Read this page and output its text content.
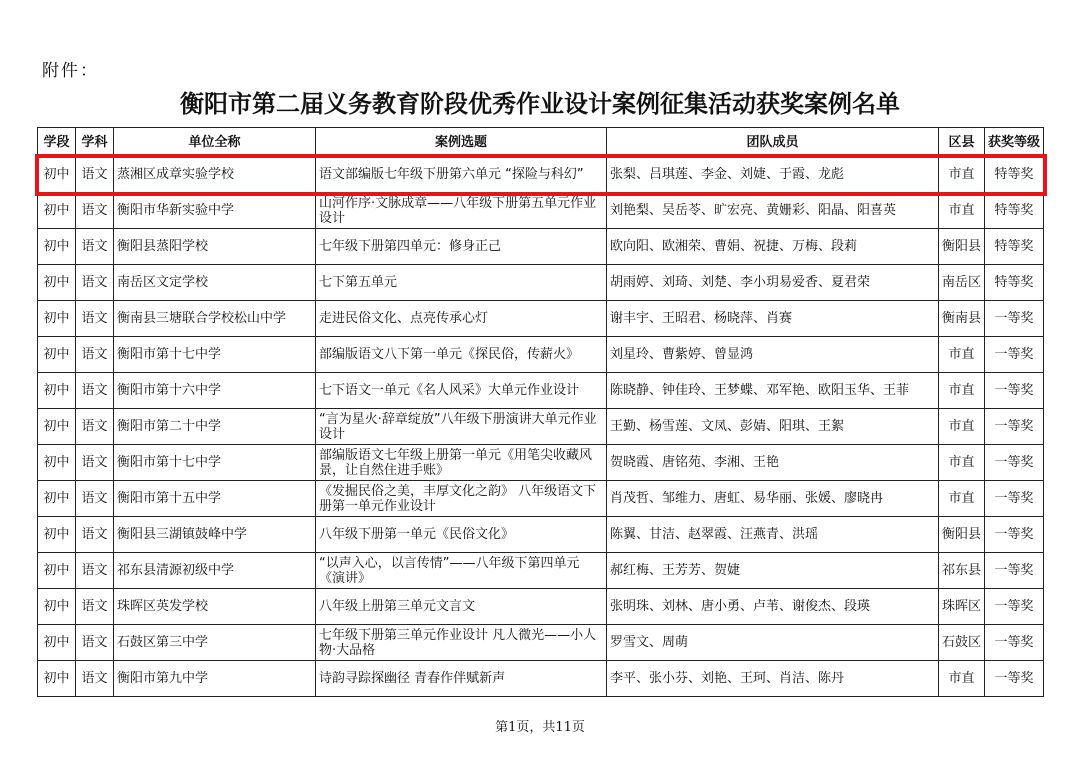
附件：
衡阳市第二届义务教育阶段优秀作业设计案例征集活动获奖案例名单
学段	学科	单位全称	案例选题	团队成员	区县	获奖等级
初中	语文	蒸湘区成章实验学校	语文部编版七年级下册第六单元 “探险与科幻”	张梨、吕琪莲、李金、刘婕、于霞、龙彪	市直	特等奖
初中	语文	衡阳市华新实验中学	山河作序·文脉成章——八年级下册第五单元作业设计	刘艳梨、吴岳苓、旷宏亮、黄姗彩、阳晶、阳喜英	市直	特等奖
初中	语文	衡阳县蒸阳学校	七年级下册第四单元：修身正己	欧向阳、欧湘荣、曹娟、祝捷、万梅、段莉	衡阳县	特等奖
初中	语文	南岳区文定学校	七下第五单元	胡雨婷、刘琦、刘楚、李小玥易爱香、夏君荣	南岳区	特等奖
初中	语文	衡南县三塘联合学校松山中学	走进民俗文化、点亮传承心灯	谢丰宇、王昭君、杨晓萍、肖赛	衡南县	一等奖
初中	语文	衡阳市第十七中学	部编版语文八下第一单元《探民俗，传薪火》	刘星玲、曹紫婷、曾显鸿	市直	一等奖
初中	语文	衡阳市第十六中学	七下语文一单元《名人风采》大单元作业设计	陈晓静、钟佳玲、王梦蝶、邓军艳、欧阳玉华、王菲	市直	一等奖
初中	语文	衡阳市第二十中学	“言为星火·辞章绽放”八年级下册演讲大单元作业设计	王勤、杨雪莲、文凤、彭婧、阳琪、王絮	市直	一等奖
初中	语文	衡阳市第十七中学	部编版语文七年级上册第一单元《用笔尖收藏风景，让自然住进手账》	贺晓霞、唐铭苑、李湘、王艳	市直	一等奖
初中	语文	衡阳市第十五中学	《发掘民俗之美，丰厚文化之韵》 八年级语文下册第一单元作业设计	肖茂哲、邹维力、唐虹、易华丽、张媛、廖晓冉	市直	一等奖
初中	语文	衡阳县三湖镇鼓峰中学	八年级下册第一单元《民俗文化》	陈翼、甘洁、赵翠霞、汪燕青、洪瑶	衡阳县	一等奖
初中	语文	祁东县清源初级中学	“以声入心，以言传情”——八年级下第四单元《演讲》	郝红梅、王芳芳、贺婕	祁东县	一等奖
初中	语文	珠晖区英发学校	八年级上册第三单元文言文	张明珠、刘林、唐小勇、卢苇、谢俊杰、段瑛	珠晖区	一等奖
初中	语文	石鼓区第三中学	七年级下册第三单元作业设计 凡人微光——小人物·大品格	罗雪文、周萌	石鼓区	一等奖
初中	语文	衡阳市第九中学	诗韵寻踪探幽径 青春作伴赋新声	李平、张小芬、刘艳、王珂、肖洁、陈丹	市直	一等奖
第1页，共11页
